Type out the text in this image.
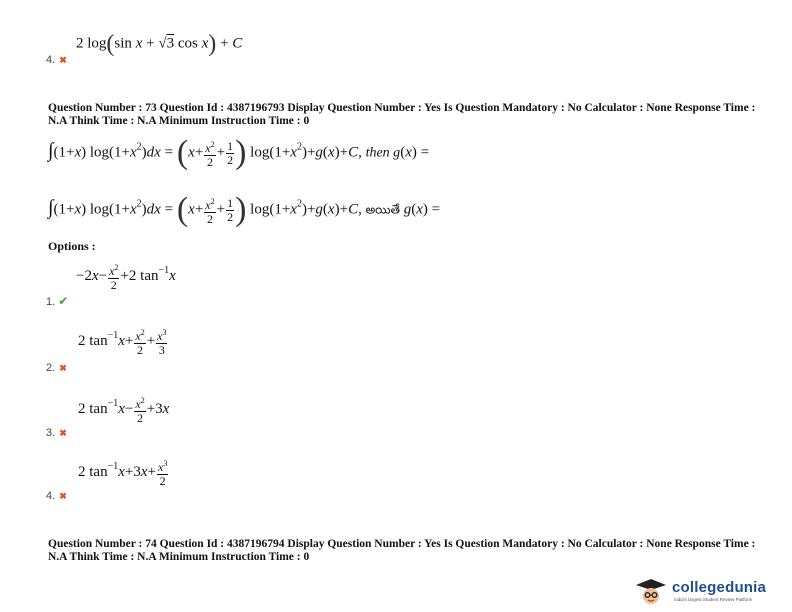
2 log(sin x + √3 cos x) + C
4. ✖
Question Number : 73 Question Id : 4387196793 Display Question Number : Yes Is Question Mandatory : No Calculator : None Response Time : N.A Think Time : N.A Minimum Instruction Time : 0
∫(1+x) $\log(1+x^2)dx = (x+ \frac{x^2}{2} + \frac{1}{2}$ ) $\log(1+x^2)+g(x)+C$, then g(x) =
∫(1+x) $\log(1+x^2)dx = (x+ \frac{x^2}{2} + \frac{1}{2}$ ) $\log(1+x^2)+g(x)+C$, అయితే g(x) =
Options :
$-2x- \frac{x^2}{2} +2$ $\tan^{-1}x$
1. ✔
2 $\tan^{-1}x+ \frac{x^2}{2} + \frac{x^3}{3}$
2. ✖
2 $\tan^{-1}x- \frac{x^2}{2} +3x$
3. ✖
2 $\tan^{-1}x+3x+ \frac{x^3}{2}$
4. ✖
Question Number : 74 Question Id : 4387196794 Display Question Number : Yes Is Question Mandatory : No Calculator : None Response Time : N.A Think Time : N.A Minimum Instruction Time : 0
collegedunia
India's largest Student Review Platform
